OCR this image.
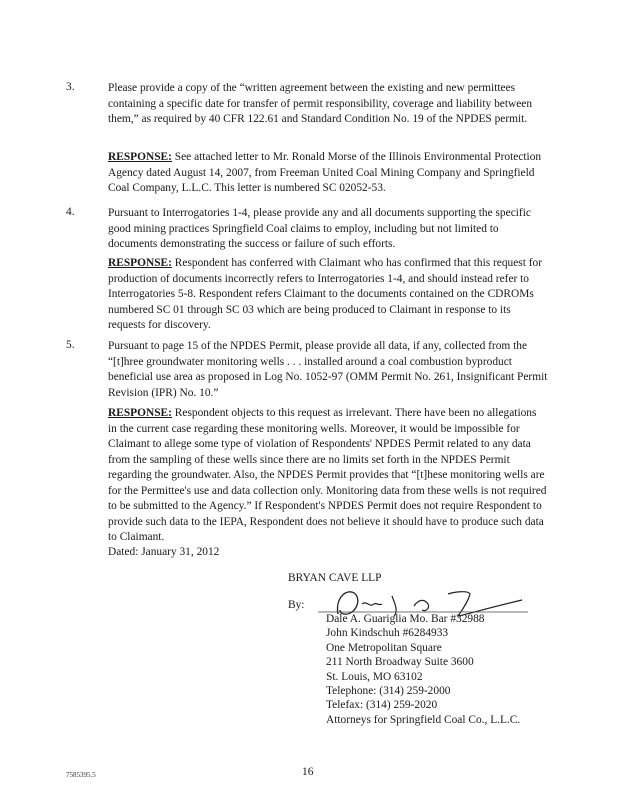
3.	Please provide a copy of the “written agreement between the existing and new permittees containing a specific date for transfer of permit responsibility, coverage and liability between them,” as required by 40 CFR 122.61 and Standard Condition No. 19 of the NPDES permit.
RESPONSE: See attached letter to Mr. Ronald Morse of the Illinois Environmental Protection Agency dated August 14, 2007, from Freeman United Coal Mining Company and Springfield Coal Company, L.L.C. This letter is numbered SC 02052-53.
4.	Pursuant to Interrogatories 1-4, please provide any and all documents supporting the specific good mining practices Springfield Coal claims to employ, including but not limited to documents demonstrating the success or failure of such efforts.
RESPONSE: Respondent has conferred with Claimant who has confirmed that this request for production of documents incorrectly refers to Interrogatories 1-4, and should instead refer to Interrogatories 5-8. Respondent refers Claimant to the documents contained on the CDROMs numbered SC 01 through SC 03 which are being produced to Claimant in response to its requests for discovery.
5.	Pursuant to page 15 of the NPDES Permit, please provide all data, if any, collected from the “[t]hree groundwater monitoring wells . . . installed around a coal combustion byproduct beneficial use area as proposed in Log No. 1052-97 (OMM Permit No. 261, Insignificant Permit Revision (IPR) No. 10.”
RESPONSE: Respondent objects to this request as irrelevant. There have been no allegations in the current case regarding these monitoring wells. Moreover, it would be impossible for Claimant to allege some type of violation of Respondents' NPDES Permit related to any data from the sampling of these wells since there are no limits set forth in the NPDES Permit regarding the groundwater. Also, the NPDES Permit provides that “[t]hese monitoring wells are for the Permittee's use and data collection only. Monitoring data from these wells is not required to be submitted to the Agency.” If Respondent's NPDES Permit does not require Respondent to provide such data to the IEPA, Respondent does not believe it should have to produce such data to Claimant.
Dated: January 31, 2012
BRYAN CAVE LLP
By:
Dale A. Guariglia Mo. Bar #32988
John Kindschuh #6284933
One Metropolitan Square
211 North Broadway Suite 3600
St. Louis, MO 63102
Telephone: (314) 259-2000
Telefax: (314) 259-2020
Attorneys for Springfield Coal Co., L.L.C.
7585395.5	16
